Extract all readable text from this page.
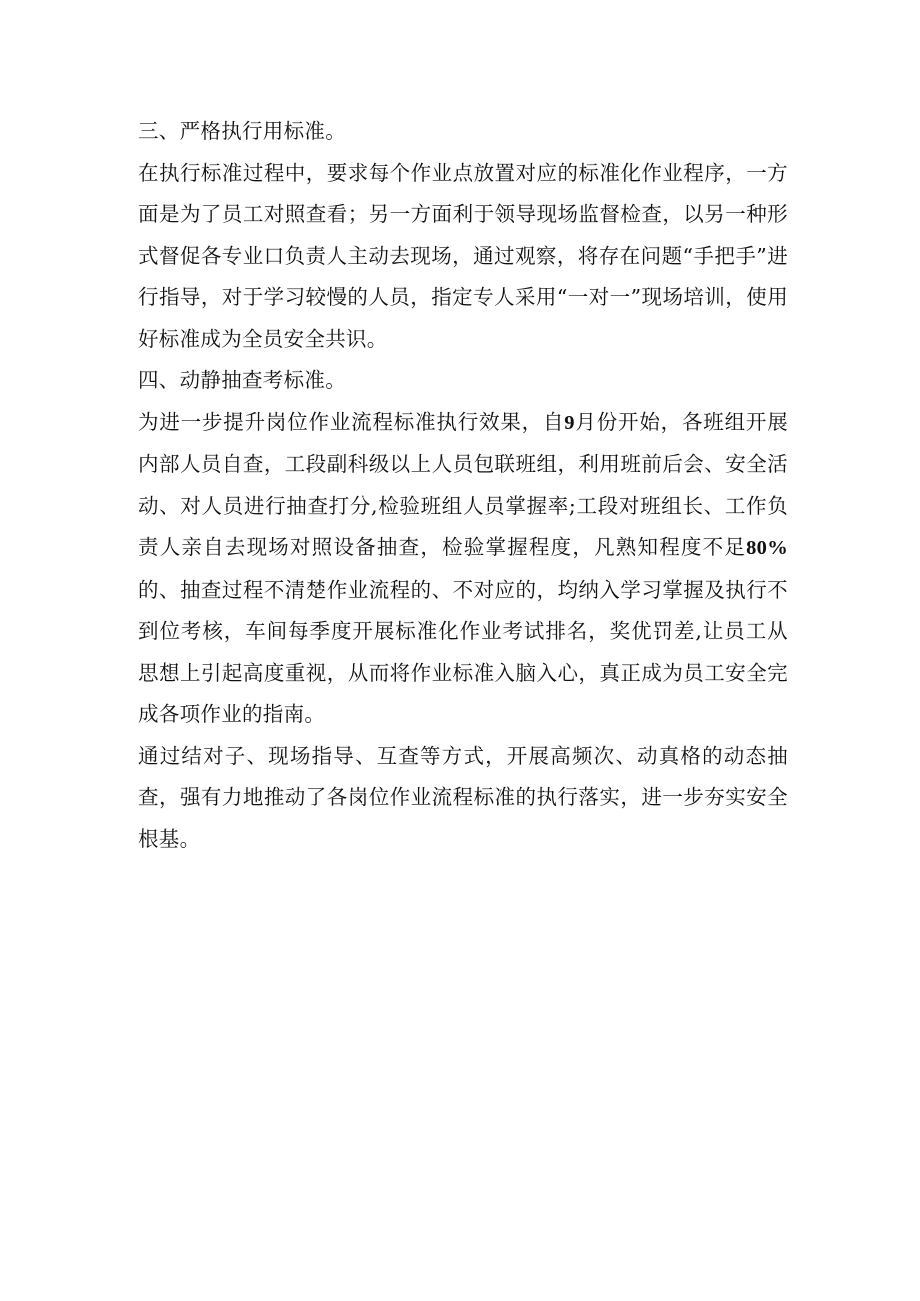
三、严格执行用标准。

在执行标准过程中，要求每个作业点放置对应的标准化作业程序，一方面是为了员工对照查看；另一方面利于领导现场监督检查，以另一种形式督促各专业口负责人主动去现场，通过观察，将存在问题“手把手”进行指导，对于学习较慢的人员，指定专人采用“一对一”现场培训，使用好标准成为全员安全共识。

四、动静抽查考标准。

为进一步提升岗位作业流程标准执行效果，自9月份开始，各班组开展内部人员自查，工段副科级以上人员包联班组，利用班前后会、安全活动、对人员进行抽查打分,检验班组人员掌握率;工段对班组长、工作负责人亲自去现场对照设备抽查，检验掌握程度，凡熟知程度不足80%的、抽查过程不清楚作业流程的、不对应的，均纳入学习掌握及执行不到位考核，车间每季度开展标准化作业考试排名，奖优罚差,让员工从思想上引起高度重视，从而将作业标准入脑入心，真正成为员工安全完成各项作业的指南。

通过结对子、现场指导、互查等方式，开展高频次、动真格的动态抽查，强有力地推动了各岗位作业流程标准的执行落实，进一步夯实安全根基。
